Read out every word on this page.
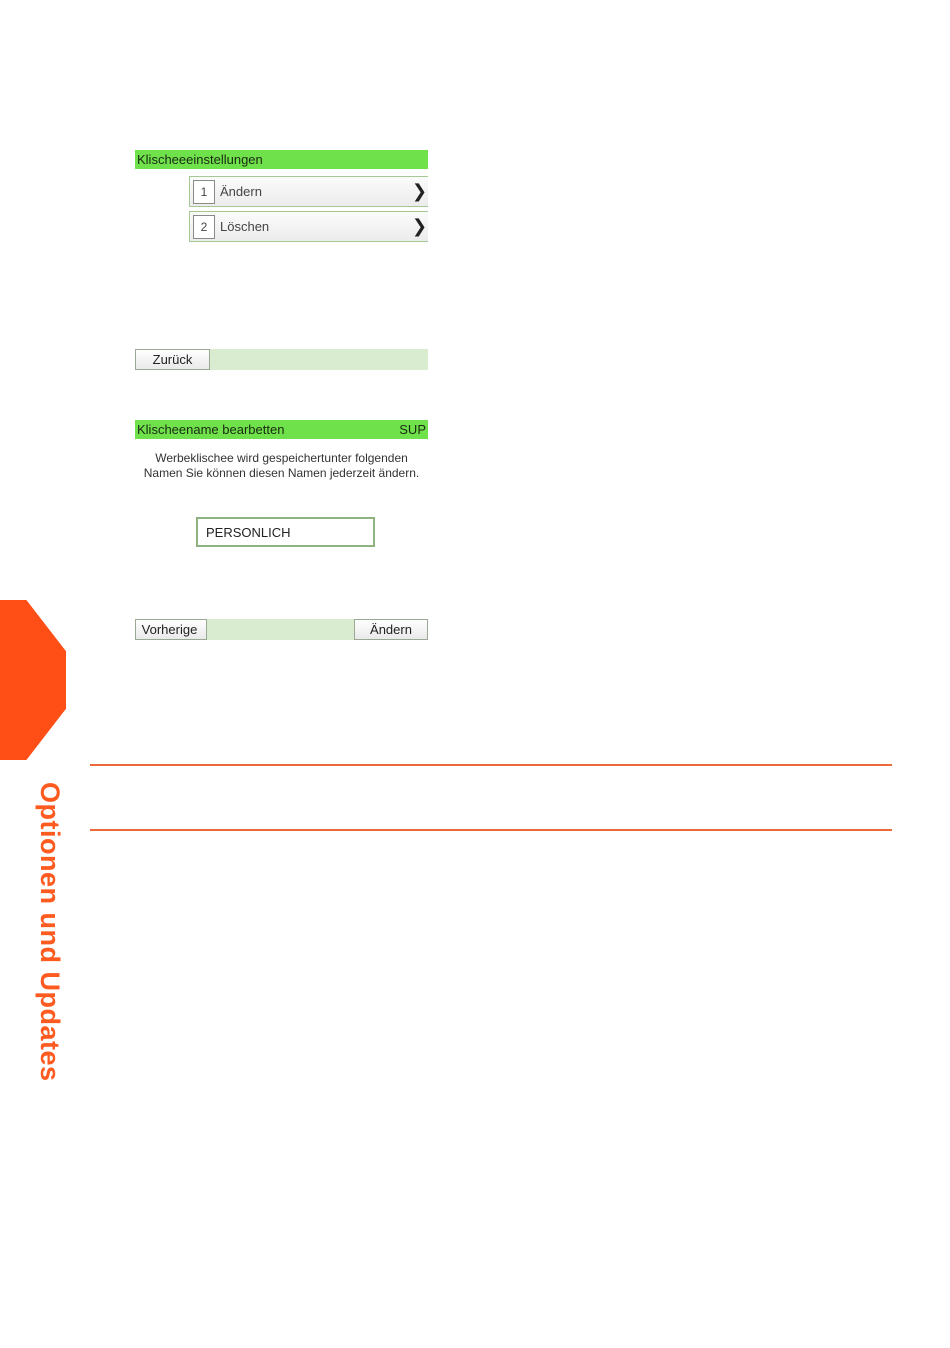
Klischeeeinstellungen
1 Ändern	❯
2 Löschen	❯
Zurück
Klischeename bearbetten	SUP

Werbeklischee wird gespeichertunter folgenden Namen Sie können diesen Namen jederzeit ändern.

PERSONLICH
Vorherige	Ändern
Optionen und Updates
